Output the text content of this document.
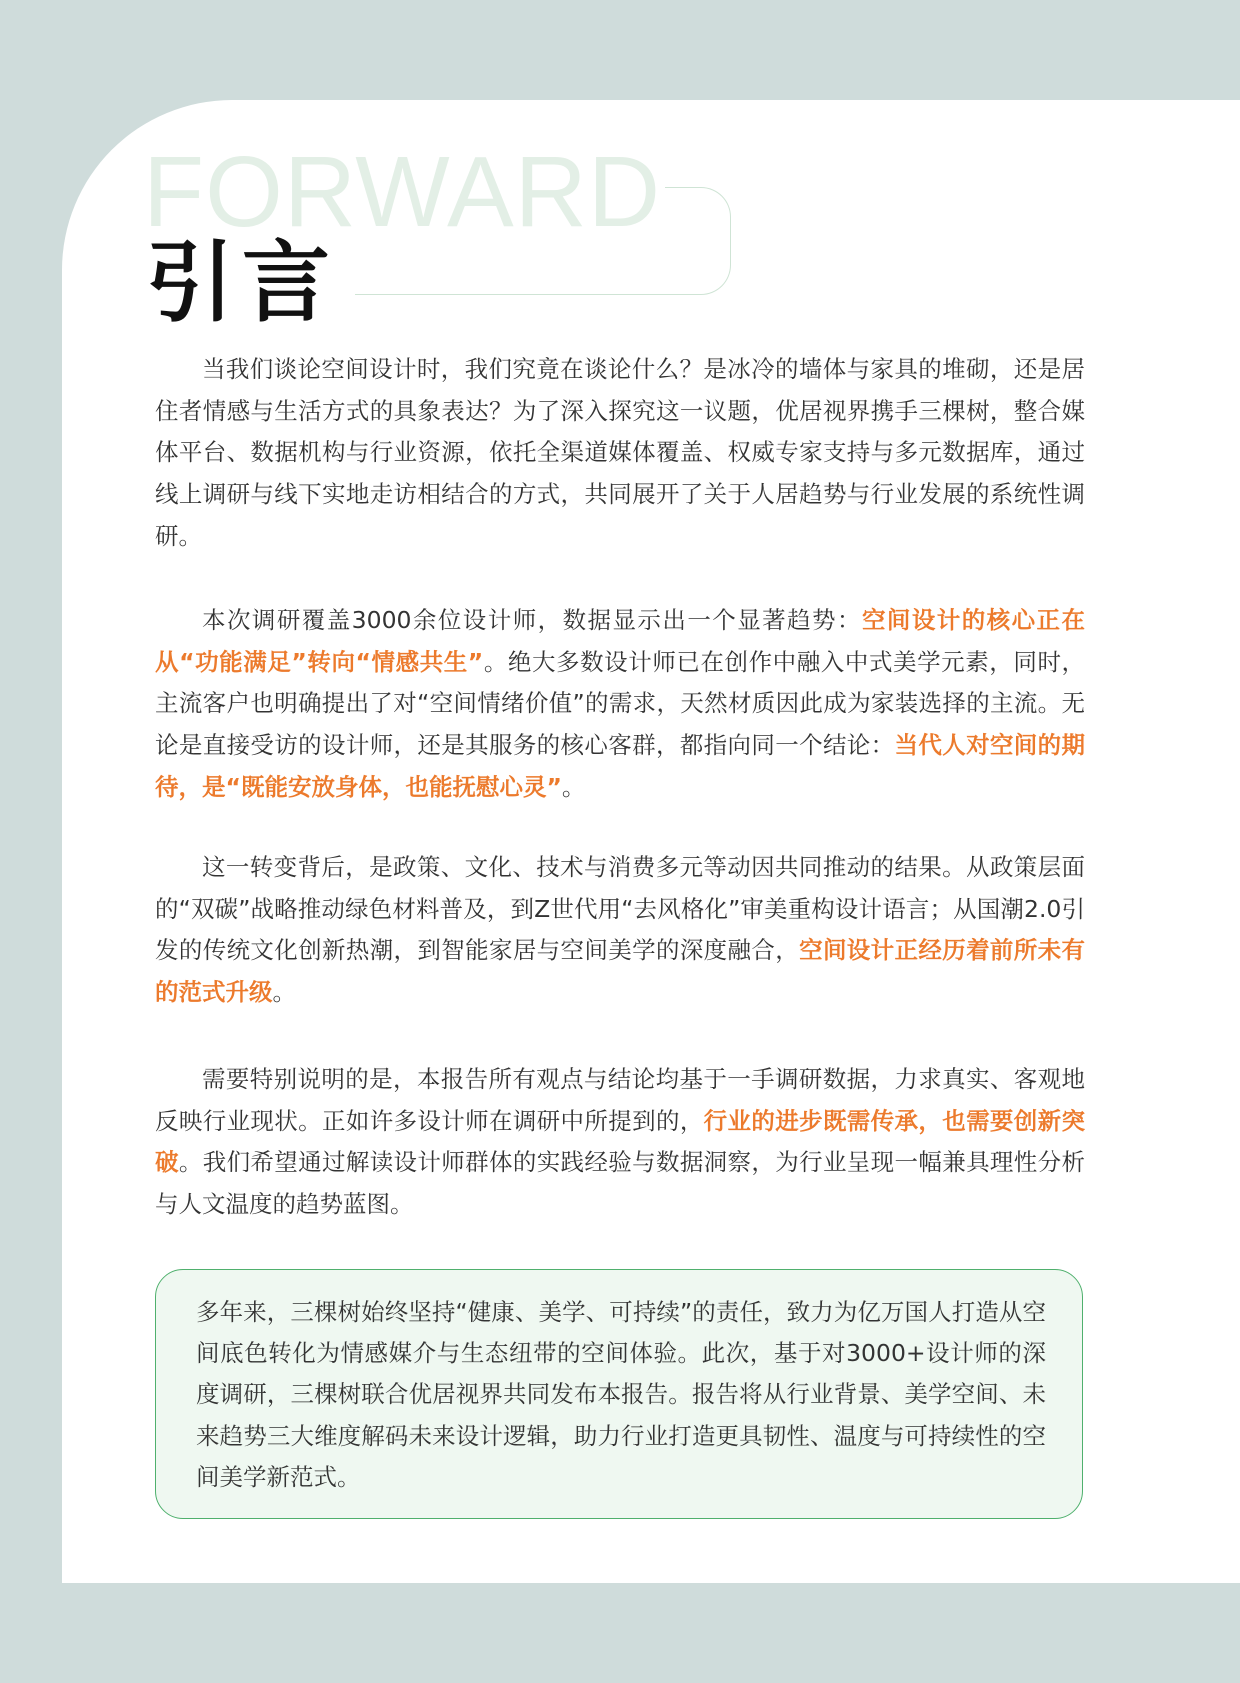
FORWARD
引言

当我们谈论空间设计时，我们究竟在谈论什么？是冰冷的墙体与家具的堆砌，还是居住者情感与生活方式的具象表达？为了深入探究这一议题，优居视界携手三棵树，整合媒体平台、数据机构与行业资源，依托全渠道媒体覆盖、权威专家支持与多元数据库，通过线上调研与线下实地走访相结合的方式，共同展开了关于人居趋势与行业发展的系统性调研。

本次调研覆盖3000余位设计师，数据显示出一个显著趋势：空间设计的核心正在从“功能满足”转向“情感共生”。绝大多数设计师已在创作中融入中式美学元素，同时，主流客户也明确提出了对“空间情绪价值”的需求，天然材质因此成为家装选择的主流。无论是直接受访的设计师，还是其服务的核心客群，都指向同一个结论：当代人对空间的期待，是“既能安放身体，也能抚慰心灵”。

这一转变背后，是政策、文化、技术与消费多元等动因共同推动的结果。从政策层面的“双碳”战略推动绿色材料普及，到Z世代用“去风格化”审美重构设计语言；从国潮2.0引发的传统文化创新热潮，到智能家居与空间美学的深度融合，空间设计正经历着前所未有的范式升级。

需要特别说明的是，本报告所有观点与结论均基于一手调研数据，力求真实、客观地反映行业现状。正如许多设计师在调研中所提到的，行业的进步既需传承，也需要创新突破。我们希望通过解读设计师群体的实践经验与数据洞察，为行业呈现一幅兼具理性分析与人文温度的趋势蓝图。

多年来，三棵树始终坚持“健康、美学、可持续”的责任，致力为亿万国人打造从空间底色转化为情感媒介与生态纽带的空间体验。此次，基于对3000+设计师的深度调研，三棵树联合优居视界共同发布本报告。报告将从行业背景、美学空间、未来趋势三大维度解码未来设计逻辑，助力行业打造更具韧性、温度与可持续性的空间美学新范式。
